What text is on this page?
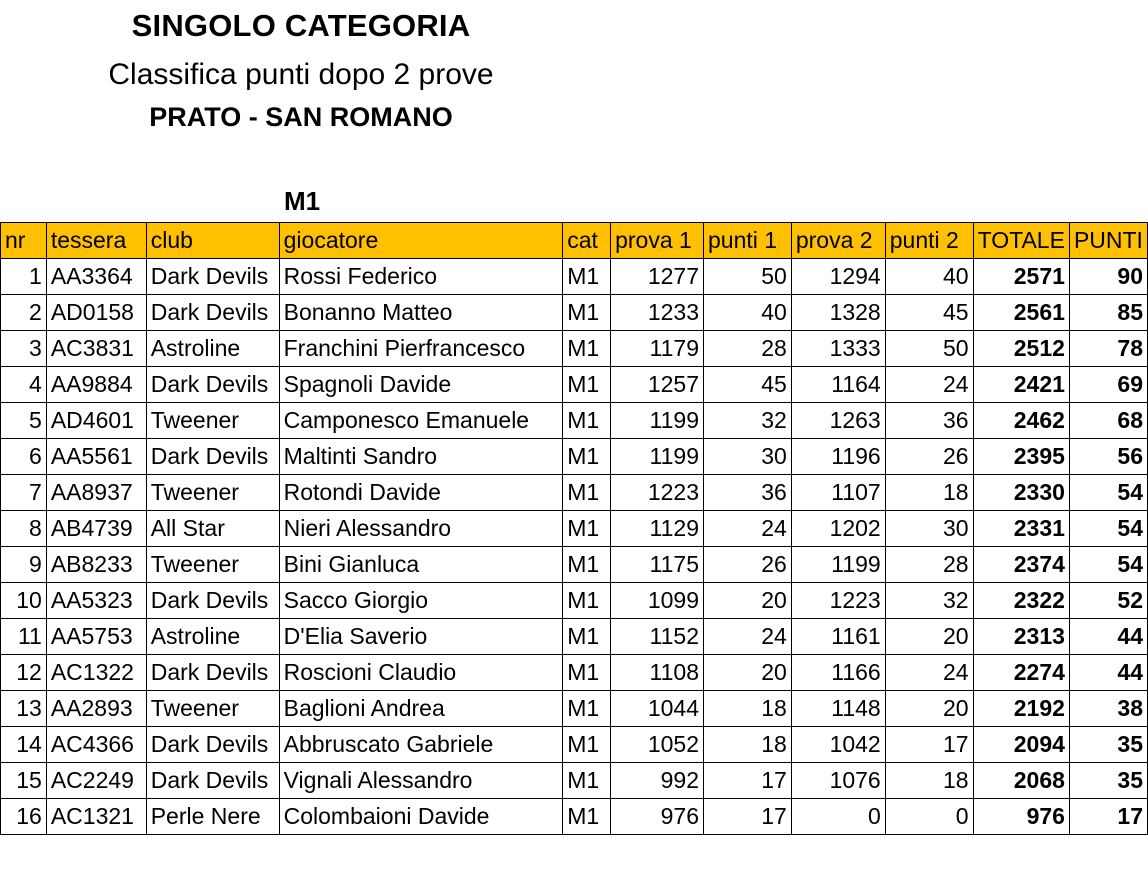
SINGOLO CATEGORIA
Classifica punti dopo 2 prove
PRATO - SAN ROMANO
M1
nr	tessera	club	giocatore	cat	prova 1	punti 1	prova 2	punti 2	TOTALE	PUNTI
1	AA3364	Dark Devils	Rossi Federico	M1	1277	50	1294	40	2571	90
2	AD0158	Dark Devils	Bonanno Matteo	M1	1233	40	1328	45	2561	85
3	AC3831	Astroline	Franchini Pierfrancesco	M1	1179	28	1333	50	2512	78
4	AA9884	Dark Devils	Spagnoli Davide	M1	1257	45	1164	24	2421	69
5	AD4601	Tweener	Camponesco Emanuele	M1	1199	32	1263	36	2462	68
6	AA5561	Dark Devils	Maltinti Sandro	M1	1199	30	1196	26	2395	56
7	AA8937	Tweener	Rotondi Davide	M1	1223	36	1107	18	2330	54
8	AB4739	All Star	Nieri Alessandro	M1	1129	24	1202	30	2331	54
9	AB8233	Tweener	Bini Gianluca	M1	1175	26	1199	28	2374	54
10	AA5323	Dark Devils	Sacco Giorgio	M1	1099	20	1223	32	2322	52
11	AA5753	Astroline	D'Elia Saverio	M1	1152	24	1161	20	2313	44
12	AC1322	Dark Devils	Roscioni Claudio	M1	1108	20	1166	24	2274	44
13	AA2893	Tweener	Baglioni Andrea	M1	1044	18	1148	20	2192	38
14	AC4366	Dark Devils	Abbruscato Gabriele	M1	1052	18	1042	17	2094	35
15	AC2249	Dark Devils	Vignali Alessandro	M1	992	17	1076	18	2068	35
16	AC1321	Perle Nere	Colombaioni Davide	M1	976	17	0	0	976	17
